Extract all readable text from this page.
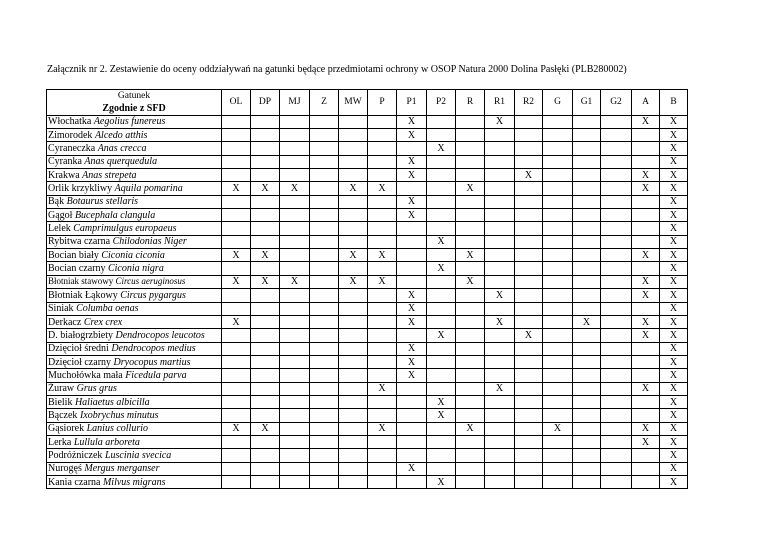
Załącznik nr 2. Zestawienie do oceny oddziaływań na gatunki będące przedmiotami ochrony w OSOP Natura 2000 Dolina Pasłęki (PLB280002)
Gatunek	OL	DP	MJ	Z	MW	P	P1	P2	R	R1	R2	G	G1	G2	A	B
Zgodnie z SFD																
Włochatka Aegolius funereus							X			X					X	X
Zimorodek Alcedo atthis							X									X
Cyraneczka Anas crecca								X								X
Cyranka Anas querquedula							X									X
Krakwa Anas strepeta							X				X				X	X
Orlik krzykliwy Aquila pomarina	X	X	X		X	X			X						X	X
Bąk Botaurus stellaris							X									X
Gągoł Bucephala clangula							X									X
Lelek Camprimulgus europaeus																X
Rybitwa czarna Chilodonias Niger								X								X
Bocian biały Ciconia ciconia	X	X			X	X			X						X	X
Bocian czarny Ciconia nigra								X								X
Błotniak stawowy Circus aeruginosus	X	X	X		X	X			X						X	X
Błotniak Łąkowy Circus pygargus							X			X					X	X
Siniak Columba oenas							X									X
Derkacz Crex crex	X						X			X			X		X	X
D. białogrzbiety Dendrocopos leucotos								X			X				X	X
Dzięcioł średni Dendrocopos medius							X									X
Dzięcioł czarny Dryocopus martius							X									X
Muchołówka mała Ficedula parva							X									X
Żuraw Grus grus						X				X					X	X
Bielik Haliaetus albicilla								X								X
Bączek Ixobrychus minutus								X								X
Gąsiorek Lanius collurio	X	X				X			X			X			X	X
Lerka Lullula arboreta															X	X
Podróżniczek Luscinia svecica																X
Nurogęś Mergus merganser							X									X
Kania czarna Milvus migrans								X								X
